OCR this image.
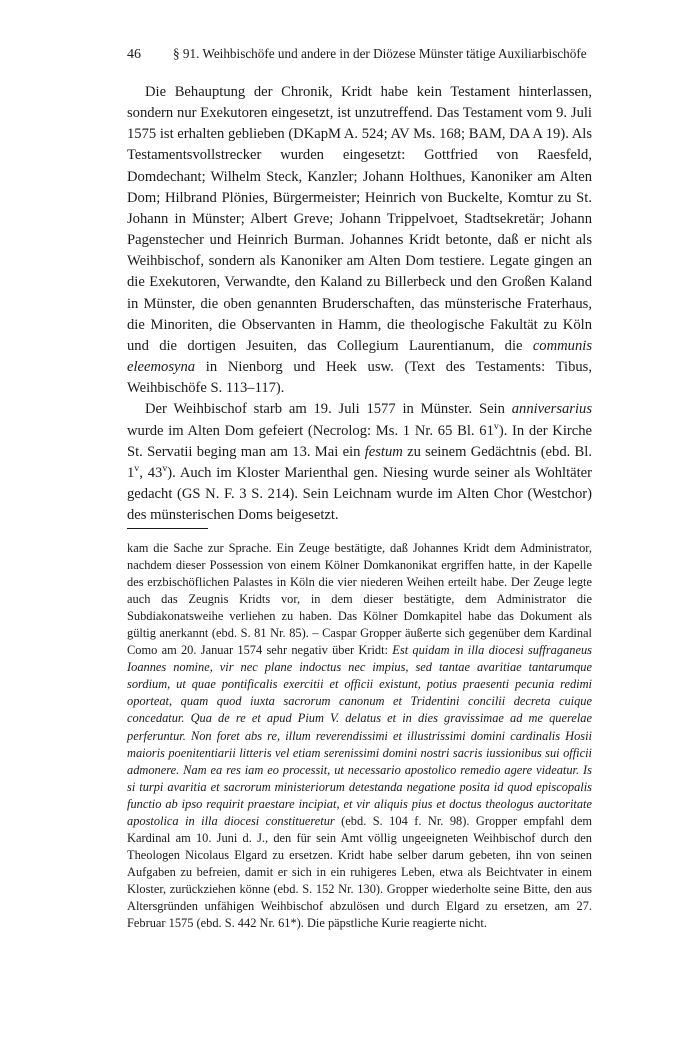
46 § 91. Weihbischöfe und andere in der Diözese Münster tätige Auxiliarbischöfe

Die Behauptung der Chronik, Kridt habe kein Testament hinterlassen, sondern nur Exekutoren eingesetzt, ist unzutreffend. Das Testament vom 9. Juli 1575 ist erhalten geblieben (DKapM A. 524; AV Ms. 168; BAM, DA A 19). Als Testamentsvollstrecker wurden eingesetzt: Gottfried von Raesfeld, Domdechant; Wilhelm Steck, Kanzler; Johann Holthues, Kanoniker am Alten Dom; Hilbrand Plönies, Bürgermeister; Heinrich von Buckelte, Komtur zu St. Johann in Münster; Albert Greve; Johann Trippelvoet, Stadtsekretär; Johann Pagenstecher und Heinrich Burman. Johannes Kridt betonte, daß er nicht als Weihbischof, sondern als Kanoniker am Alten Dom testiere. Legate gingen an die Exekutoren, Verwandte, den Kaland zu Billerbeck und den Großen Kaland in Münster, die oben genannten Bruderschaften, das münsterische Fraterhaus, die Minoriten, die Observanten in Hamm, die theologische Fakultät zu Köln und die dortigen Jesuiten, das Collegium Laurentianum, die communis eleemosyna in Nienborg und Heek usw. (Text des Testaments: Tibus, Weihbischöfe S. 113–117).

Der Weihbischof starb am 19. Juli 1577 in Münster. Sein anniversarius wurde im Alten Dom gefeiert (Necrolog: Ms. 1 Nr. 65 Bl. 61$^v$). In der Kirche St. Servatii beging man am 13. Mai ein festum zu seinem Gedächtnis (ebd. Bl. 1$^v$, 43$^v$). Auch im Kloster Marienthal gen. Niesing wurde seiner als Wohltäter gedacht (GS N. F. 3 S. 214). Sein Leichnam wurde im Alten Chor (Westchor) des münsterischen Doms beigesetzt.

kam die Sache zur Sprache. Ein Zeuge bestätigte, daß Johannes Kridt dem Administrator, nachdem dieser Possession von einem Kölner Domkanonikat ergriffen hatte, in der Kapelle des erzbischöflichen Palastes in Köln die vier niederen Weihen erteilt habe. Der Zeuge legte auch das Zeugnis Kridts vor, in dem dieser bestätigte, dem Administrator die Subdiakonatsweihe verliehen zu haben. Das Kölner Domkapitel habe das Dokument als gültig anerkannt (ebd. S. 81 Nr. 85). – Caspar Gropper äußerte sich gegenüber dem Kardinal Como am 20. Januar 1574 sehr negativ über Kridt: Est quidam in illa diocesi suffraganeus Ioannes nomine, vir nec plane indoctus nec impius, sed tantae avaritiae tantarumque sordium, ut quae pontificalis exercitii et officii existunt, potius praesenti pecunia redimi oporteat, quam quod iuxta sacrorum canonum et Tridentini concilii decreta cuique concedatur. Qua de re et apud Pium V. delatus et in dies gravissimae ad me querelae perferuntur. Non foret abs re, illum reverendissimi et illustrissimi domini cardinalis Hosii maioris poenitentiarii litteris vel etiam serenissimi domini nostri sacris iussionibus sui officii admonere. Nam ea res iam eo processit, ut necessario apostolico remedio agere videatur. Is si turpi avaritia et sacrorum ministeriorum detestanda negatione posita id quod episcopalis functio ab ipso requirit praestare incipiat, et vir aliquis pius et doctus theologus auctoritate apostolica in illa diocesi constitueretur (ebd. S. 104 f. Nr. 98). Gropper empfahl dem Kardinal am 10. Juni d. J., den für sein Amt völlig ungeeigneten Weihbischof durch den Theologen Nicolaus Elgard zu ersetzen. Kridt habe selber darum gebeten, ihn von seinen Aufgaben zu befreien, damit er sich in ein ruhigeres Leben, etwa als Beichtvater in einem Kloster, zurückziehen könne (ebd. S. 152 Nr. 130). Gropper wiederholte seine Bitte, den aus Altersgründen unfähigen Weihbischof abzulösen und durch Elgard zu ersetzen, am 27. Februar 1575 (ebd. S. 442 Nr. 61*). Die päpstliche Kurie reagierte nicht.
